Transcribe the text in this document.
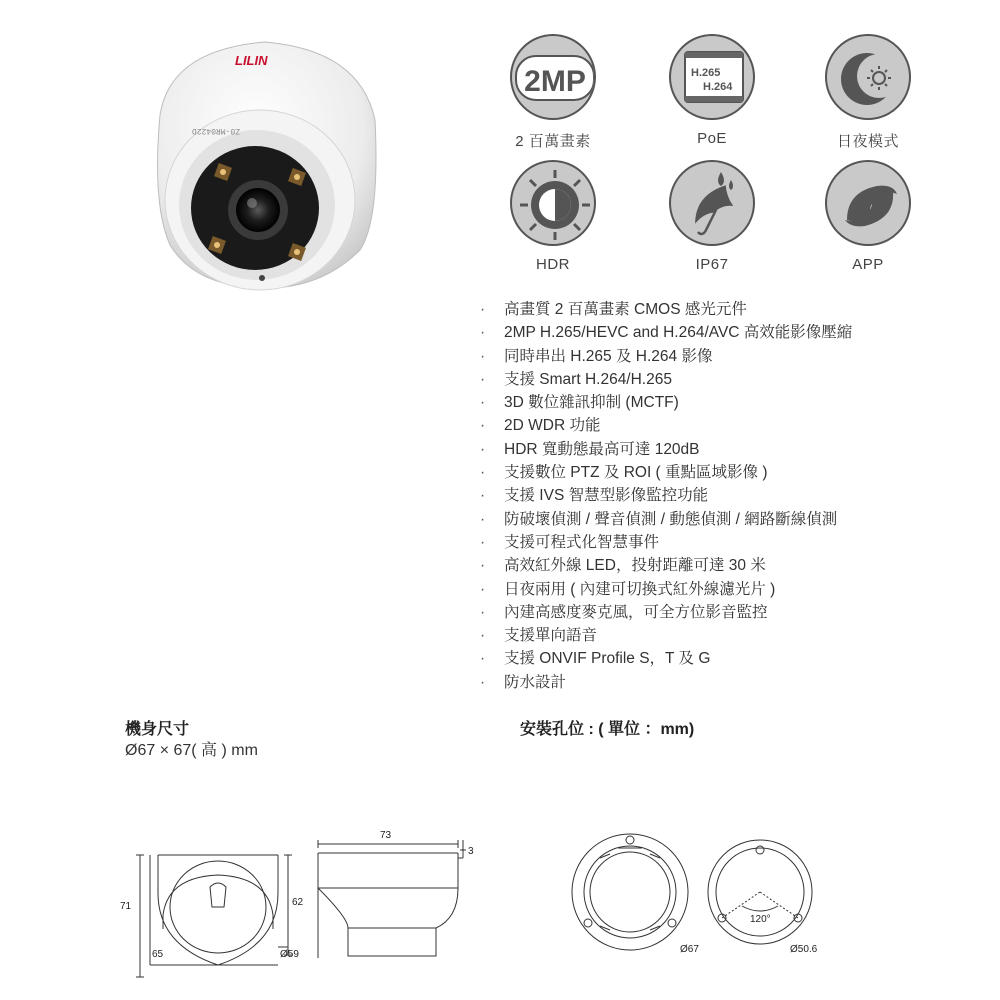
LILIN
Z0-MR0422D
2MP
2 百萬畫素
H.265
H.264
PoE	日夜模式
HDR	IP67	APP
· 高畫質 2 百萬畫素 CMOS 感光元件
· 2MP H.265/HEVC and H.264/AVC 高效能影像壓縮
· 同時串出 H.265 及 H.264 影像
· 支援 Smart H.264/H.265
· 3D 數位雜訊抑制 (MCTF)
· 2D WDR 功能
· HDR 寬動態最高可達 120dB
· 支援數位 PTZ 及 ROI ( 重點區域影像 )
· 支援 IVS 智慧型影像監控功能
· 防破壞偵測 / 聲音偵測 / 動態偵測 / 網路斷線偵測
· 支援可程式化智慧事件
· 高效紅外線 LED，投射距離可達 30 米
· 日夜兩用 ( 內建可切換式紅外線濾光片 )
· 內建高感度麥克風，可全方位影音監控
· 支援單向語音
· 支援 ONVIF Profile S，T 及 G
· 防水設計
機身尺寸
Ø67 × 67( 高 ) mm
安裝孔位 : ( 單位 ：mm)
71
65
62
Ø59
73
3
Ø67	Ø50.6
120°
